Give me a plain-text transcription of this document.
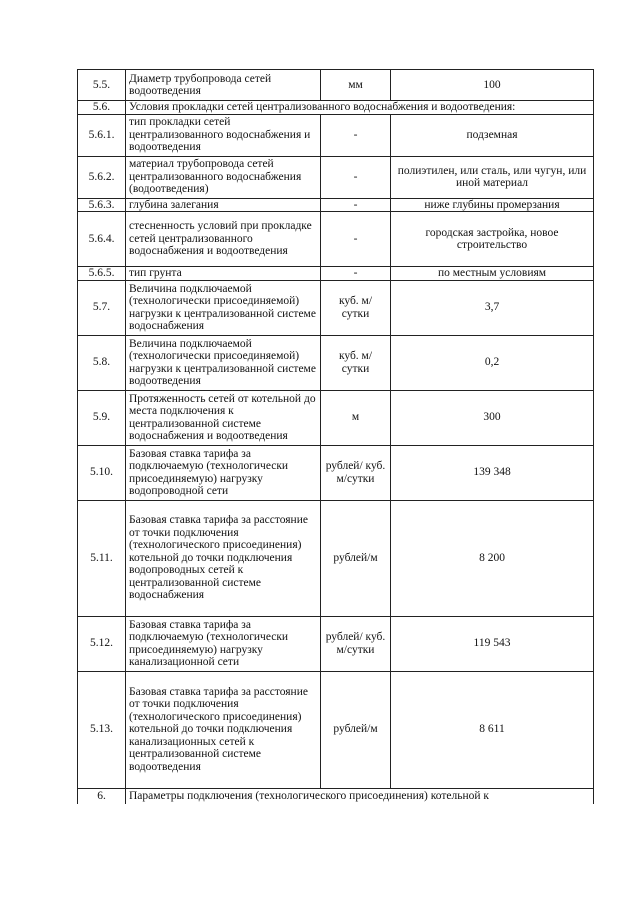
5.5.	Диаметр трубопровода сетей водоотведения	мм	100
5.6.	Условия прокладки сетей централизованного водоснабжения и водоотведения:		
5.6.1.	тип прокладки сетей централизованного водоснабжения и водоотведения	-	подземная
5.6.2.	материал трубопровода сетей централизованного водоснабжения (водоотведения)	-	полиэтилен, или сталь, или чугун, или иной материал
5.6.3.	глубина залегания	-	ниже глубины промерзания
5.6.4.	стесненность условий при прокладке сетей централизованного водоснабжения и водоотведения	-	городская застройка, новое строительство
5.6.5.	тип грунта	-	по местным условиям
5.7.	Величина подключаемой (технологически присоединяемой) нагрузки к централизованной системе водоснабжения	куб. м/ сутки	3,7
5.8.	Величина подключаемой (технологически присоединяемой) нагрузки к централизованной системе водоотведения	куб. м/ сутки	0,2
5.9.	Протяженность сетей от котельной до места подключения к централизованной системе водоснабжения и водоотведения	м	300
5.10.	Базовая ставка тарифа за подключаемую (технологически присоединяемую) нагрузку водопроводной сети	рублей/ куб. м/сутки	139 348
5.11.	Базовая ставка тарифа за расстояние от точки подключения (технологического присоединения) котельной до точки подключения водопроводных сетей к централизованной системе водоснабжения	рублей/м	8 200
5.12.	Базовая ставка тарифа за подключаемую (технологически присоединяемую) нагрузку канализационной сети	рублей/ куб. м/сутки	119 543
5.13.	Базовая ставка тарифа за расстояние от точки подключения (технологического присоединения) котельной до точки подключения канализационных сетей к централизованной системе водоотведения	рублей/м	8 611
6.	Параметры подключения (технологического присоединения) котельной к		
